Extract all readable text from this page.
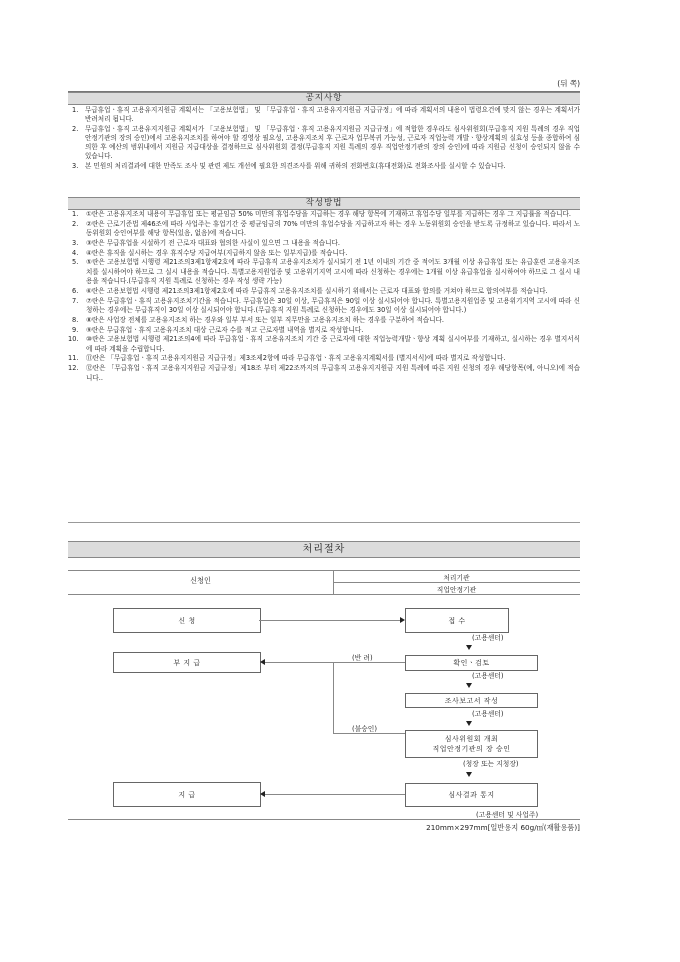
(뒤 쪽)
공지사항
1. 무급휴업ㆍ휴직 고용유지지원금 계획서는 「고용보험법」 및 「무급휴업ㆍ휴직 고용유지지원금 지급규정」에 따라 계획서의 내용이 법령요건에 맞지 않는 경우는 계획서가 반려처리 됩니다.
2. 무급휴업ㆍ휴직 고용유지지원금 계획서가 「고용보험법」 및 「무급휴업ㆍ휴직 고용유지지원금 지급규정」에 적합한 경우라도 심사위원회(무급휴직 지원 특례의 경우 직업안정기관의 장의 승인)에서 고용유지조치를 하여야 할 경영상 필요성, 고용유지조치 후 근로자 업무복귀 가능성, 근로자 직업능력 개발ㆍ향상계획의 실효성 등을 종합하여 심의한 후 예산의 범위내에서 지원금 지급대상을 결정하므로 심사위원회 결정(무급휴직 지원 특례의 경우 직업안정기관의 장의 승인)에 따라 지원금 신청이 승인되지 않을 수 있습니다.
3. 본 민원의 처리결과에 대한 만족도 조사 및 관련 제도 개선에 필요한 의견조사를 위해 귀하의 전화번호(휴대전화)로 전화조사를 실시할 수 있습니다.
작성방법
1. ①란은 고용유지조치 내용이 무급휴업 또는 평균임금 50% 미만의 휴업수당을 지급하는 경우 해당 항목에 기재하고 휴업수당 일부를 지급하는 경우 그 지급률을 적습니다.
2. ②란은 근로기준법 제46조에 따라 사업주는 휴업기간 중 평균임금의 70% 미만의 휴업수당을 지급하고자 하는 경우 노동위원회 승인을 받도록 규정하고 있습니다. 따라서 노동위원회 승인여부를 해당 항목(있음, 없음)에 적습니다.
3. ③란은 무급휴업을 시설하기 전 근로자 대표와 협의한 사실이 있으면 그 내용을 적습니다.
4. ④란은 휴직을 실시하는 경우 휴직수당 지급여부(지급하지 않음 또는 일부지급)를 적습니다.
5. ⑤란은 고용보험법 시행령 제21조의3제1항제2호에 따라 무급휴직 고용유지조치가 실시되기 전 1년 이내의 기간 중 적어도 3개월 이상 유급휴업 또는 유급훈련 고용유지조치를 실시하여야 하므로 그 실시 내용을 적습니다. 특별고용지원업종 및 고용위기지역 고시에 따라 신청하는 경우에는 1개월 이상 유급휴업을 실시하여야 하므로 그 실시 내용을 적습니다.(무급휴직 지원 특례로 신청하는 경우 작성 생략 가능)
6. ⑥란은 고용보험법 시행령 제21조의3제1항제2호에 따라 무급휴직 고용유지조치를 실시하기 위해서는 근로자 대표와 합의를 거쳐야 하므로 합의여부를 적습니다.
7. ⑦란은 무급휴업ㆍ휴직 고용유지조치기간을 적습니다. 무급휴업은 30일 이상, 무급휴직은 90일 이상 실시되어야 합니다. 특별고용지원업종 및 고용위기지역 고시에 따라 신청하는 경우에는 무급휴직이 30일 이상 실시되어야 합니다.(무급휴직 지원 특례로 신청하는 경우에도 30일 이상 실시되어야 합니다.)
8. ⑧란은 사업장 전체를 고용유지조치 하는 경우와 일부 부서 또는 일부 직무만을 고용유지조치 하는 경우를 구분하여 적습니다.
9. ⑨란은 무급휴업ㆍ휴직 고용유지조치 대상 근로자 수를 적고 근로자별 내역을 별지로 작성합니다.
10. ⑩란은 고용보험법 시행령 제21조의4에 따라 무급휴업ㆍ휴직 고용유지조치 기간 중 근로자에 대한 직업능력개발ㆍ향상 계획 실시여부를 기재하고, 실시하는 경우 별지서식에 따라 계획을 수립합니다.
11. ⑪란은 「무급휴업ㆍ휴직 고용유지지원금 지급규정」제3조제2항에 따라 무급휴업ㆍ휴직 고용유지계획서를 (별지서식)에 따라 별지로 작성합니다.
12. ⑫란은 「무급휴업ㆍ휴직 고용유지지원금 지급규정」제18조 부터 제22조까지의 무급휴직 고용유지지원금 지원 특례에 따른 지원 신청의 경우 해당항목(예, 아니오)에 적습니다..
처리절차
신청인	처리기관
직업안정기관
신 청	접 수
(고용센터)
부 지 급
(반 려)
확인ㆍ검토
(고용센터)
조사보고서 작성
(고용센터)
(불승인)
심사위원회 개최
직업안정기관의 장 승인
(청장 또는 지청장)
지 급	심사결과 통지
(고용센터 및 사업주)
210mm×297mm[일반용지 60g/㎡(재활용품)]
